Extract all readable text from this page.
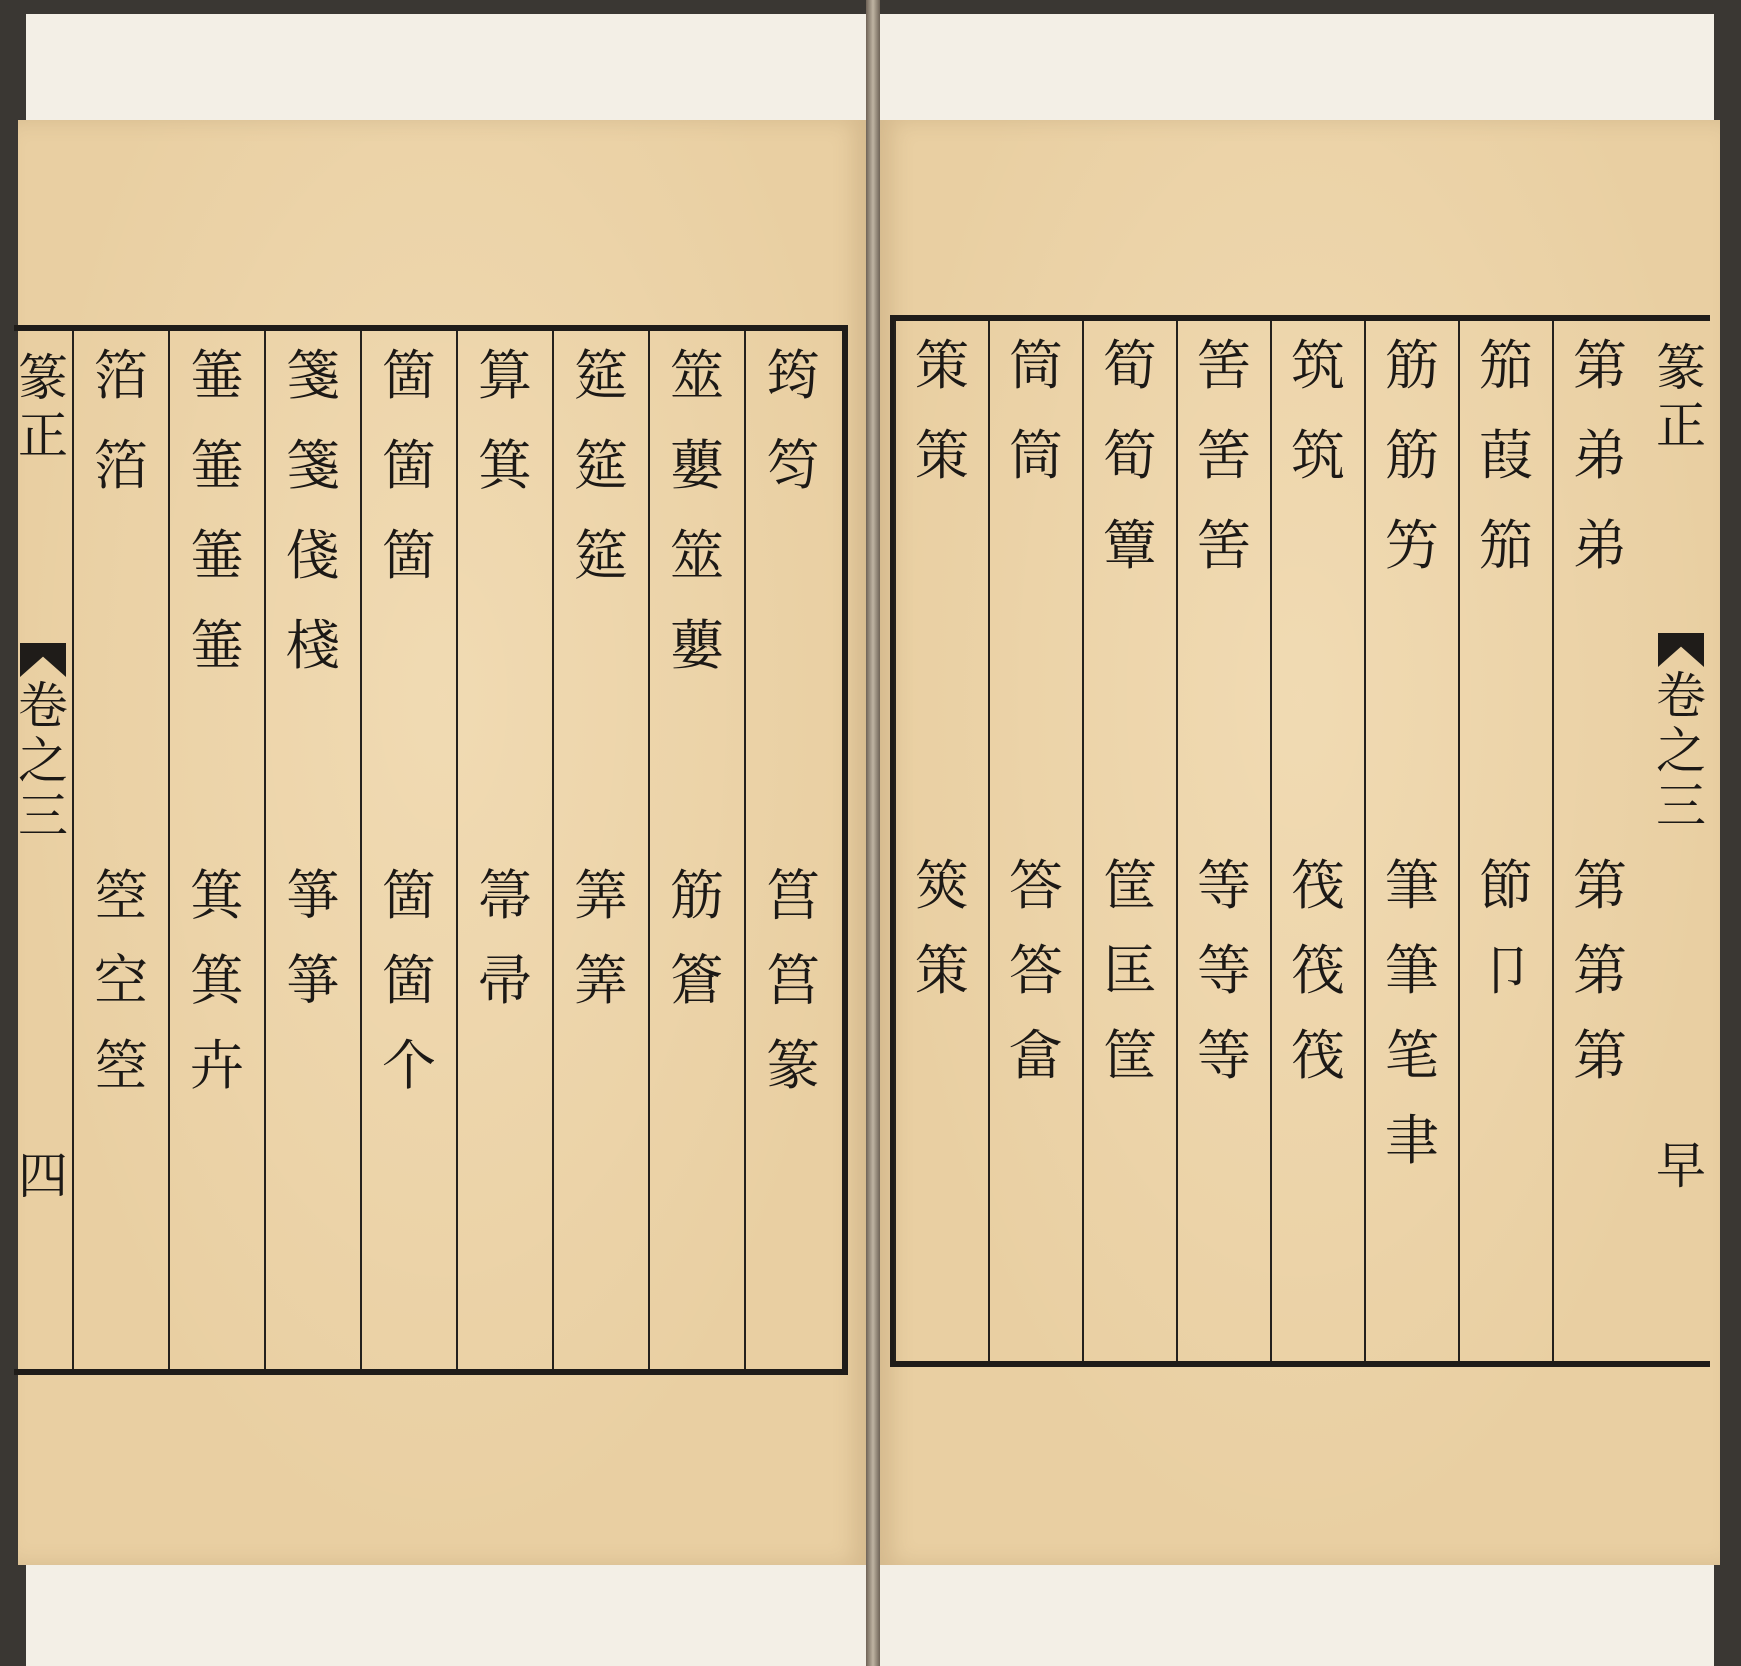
篆
正
卷
之
三
四
筠
笉
筥
筥
篆
筮
蘡
筮
蘡
筋
篬
筵
筵
筵
筭
筭
算
箕
箒
帚
箇
箇
箇
箇
箇
个
箋
箋
俴
棧
箏
箏
箠
箠
箠
箠
箕
箕
卉
箔
箔
箜
空
箜
篆
正
卷
之
三
早
第
弟
弟
第
第
第
笳
葭
笳
節
卩
筋
筋
竻
筆
筆
笔
聿
筑
筑
筏
筏
筏
筈
筈
筈
等
等
等
筍
筍
簟
筐
匡
筐
筒
筒
答
答
畣
策
策
筴
策
